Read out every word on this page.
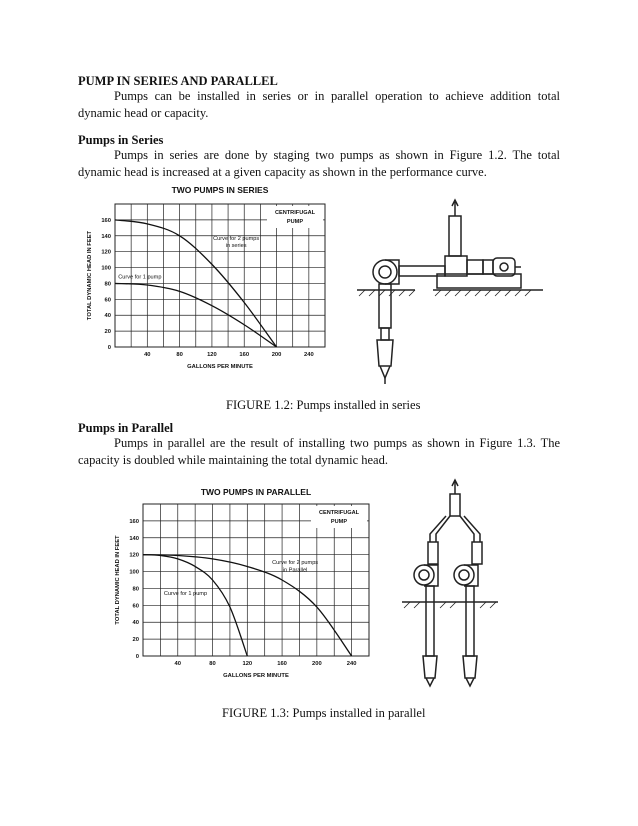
PUMP IN SERIES AND PARALLEL
Pumps can be installed in series or in parallel operation to achieve addition total dynamic head or capacity.
Pumps in Series
Pumps in series are done by staging two pumps as shown in Figure 1.2. The total dynamic head is increased at a given capacity as shown in the performance curve.
TWO PUMPS IN SERIES
CENTRIFUGAL
PUMP
0
20
40
60
80
100
120
140
160
40	80	120	160	200	240
GALLONS PER MINUTE
TOTAL DYNAMIC HEAD IN FEET	Curve for 1 pump
Curve for 2 pumps
in series
FIGURE 1.2: Pumps installed in series
Pumps in Parallel
Pumps in parallel are the result of installing two pumps as shown in Figure 1.3. The capacity is doubled while maintaining the total dynamic head.
TWO PUMPS IN PARALLEL
CENTRIFUGAL
PUMP
0
20
40
60
80
100
120
140
160
40	80	120	160	200	240
GALLONS PER MINUTE
TOTAL DYNAMIC HEAD IN FEET	Curve for 1 pump
Curve for 2 pumps
in Parallel
FIGURE 1.3: Pumps installed in parallel
